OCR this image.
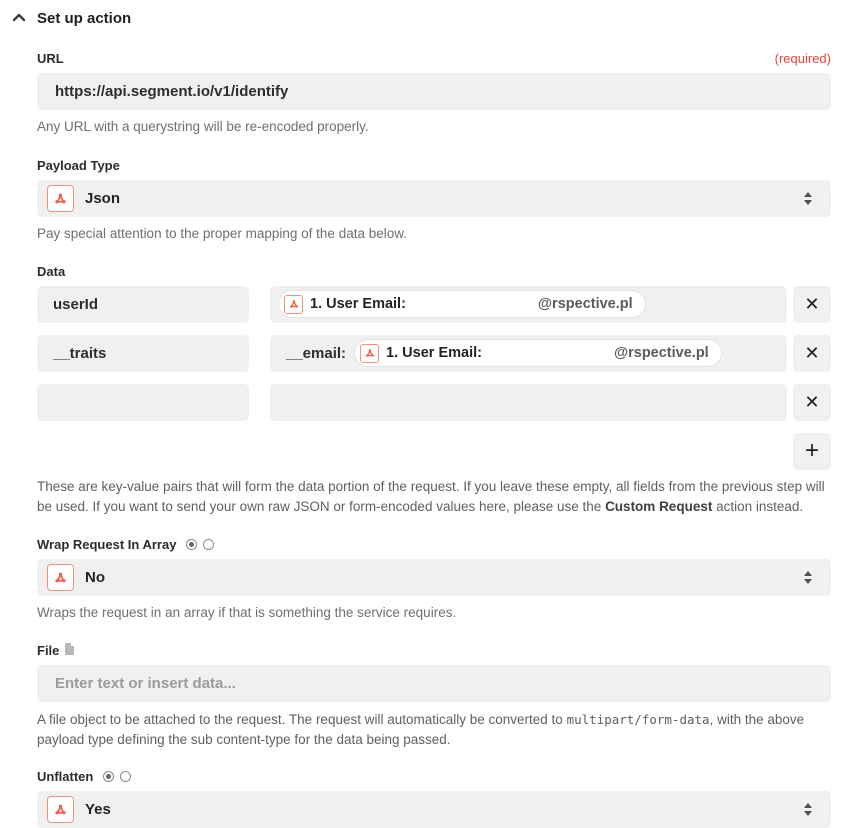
Set up action
URL	(required)
https://api.segment.io/v1/identify

Any URL with a querystring will be re-encoded properly.

Payload Type
Json

Pay special attention to the proper mapping of the data below.

Data
userId	1. User Email:	@rspective.pl	✕
__traits	__email:	1. User Email:	@rspective.pl	✕
✕
+

These are key-value pairs that will form the data portion of the request. If you leave these empty, all fields from the previous step will be used. If you want to send your own raw JSON or form-encoded values here, please use the Custom Request action instead.

Wrap Request In Array
No

Wraps the request in an array if that is something the service requires.

File
Enter text or insert data...

A file object to be attached to the request. The request will automatically be converted to multipart/form-data, with the above payload type defining the sub content-type for the data being passed.

Unflatten
Yes
